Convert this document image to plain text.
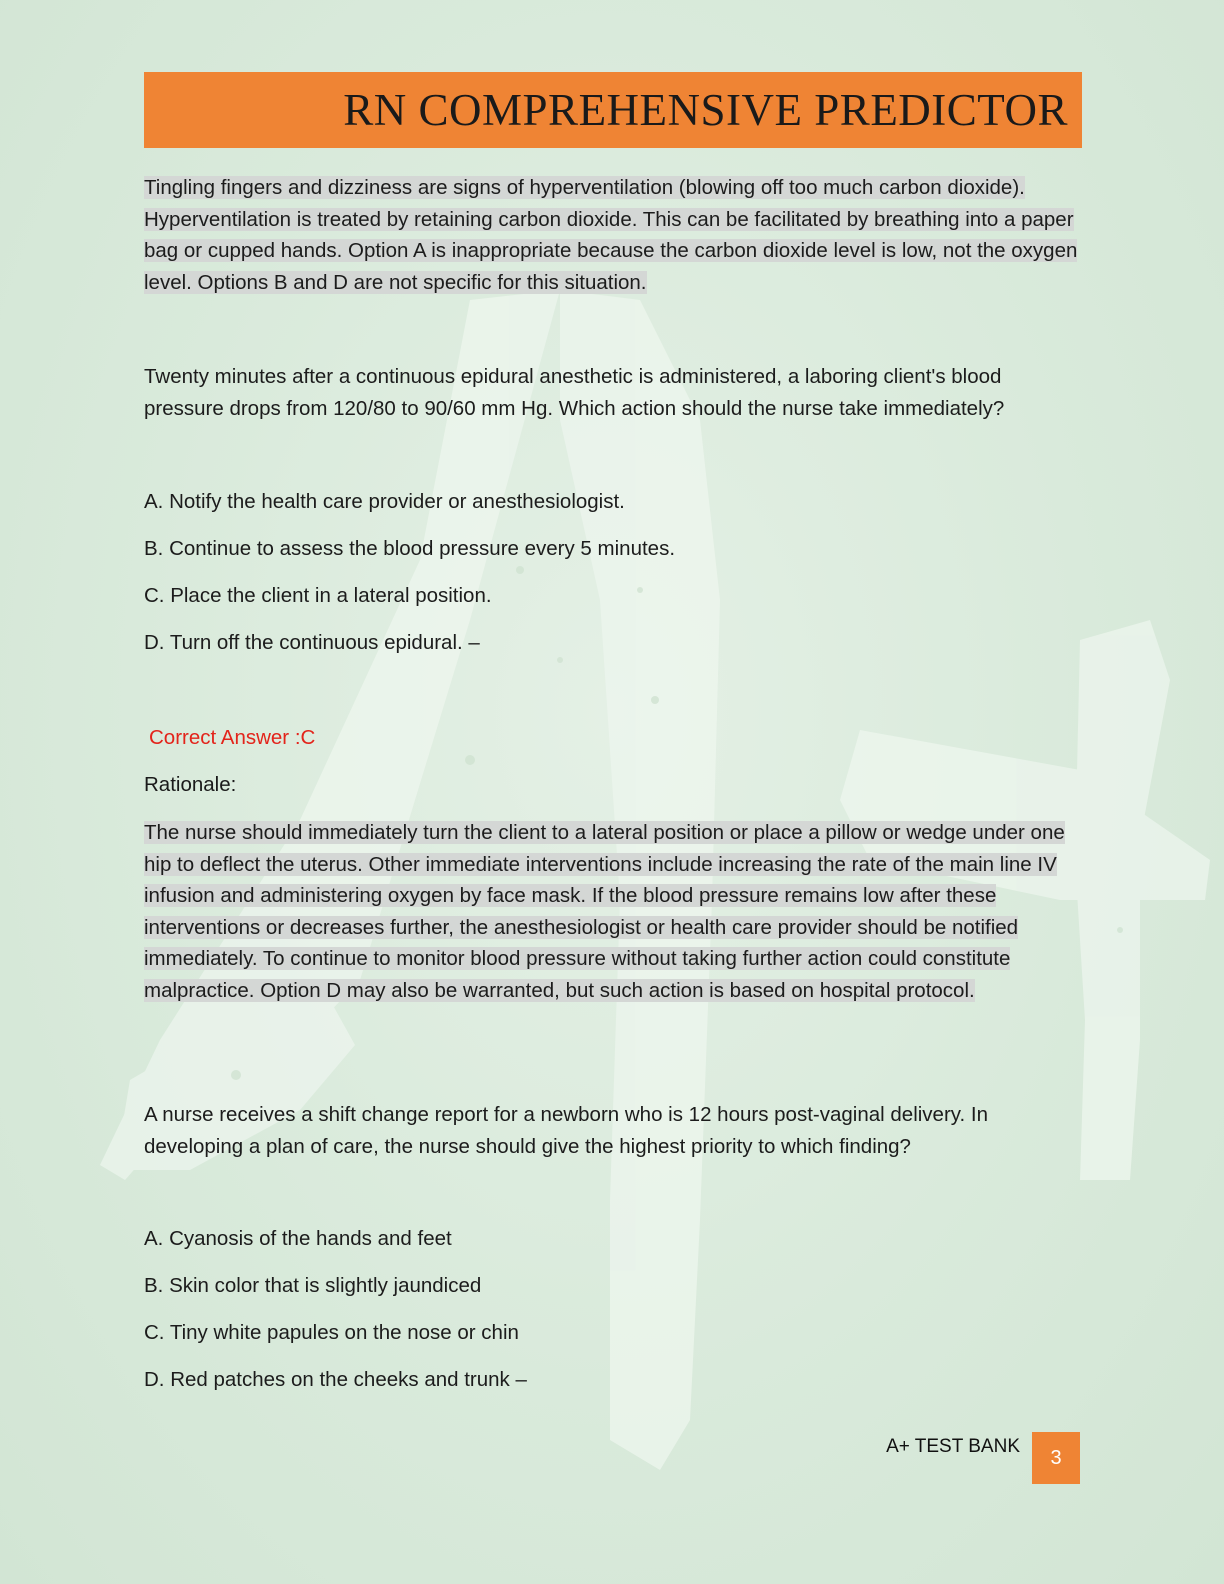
RN COMPREHENSIVE PREDICTOR
Tingling fingers and dizziness are signs of hyperventilation (blowing off too much carbon dioxide). Hyperventilation is treated by retaining carbon dioxide. This can be facilitated by breathing into a paper bag or cupped hands. Option A is inappropriate because the carbon dioxide level is low, not the oxygen level. Options B and D are not specific for this situation.
Twenty minutes after a continuous epidural anesthetic is administered, a laboring client's blood pressure drops from 120/80 to 90/60 mm Hg. Which action should the nurse take immediately?
A. Notify the health care provider or anesthesiologist.
B. Continue to assess the blood pressure every 5 minutes.
C. Place the client in a lateral position.
D. Turn off the continuous epidural. –
Correct Answer :C
Rationale:
The nurse should immediately turn the client to a lateral position or place a pillow or wedge under one hip to deflect the uterus. Other immediate interventions include increasing the rate of the main line IV infusion and administering oxygen by face mask. If the blood pressure remains low after these interventions or decreases further, the anesthesiologist or health care provider should be notified immediately. To continue to monitor blood pressure without taking further action could constitute malpractice. Option D may also be warranted, but such action is based on hospital protocol.
A nurse receives a shift change report for a newborn who is 12 hours post-vaginal delivery. In developing a plan of care, the nurse should give the highest priority to which finding?
A. Cyanosis of the hands and feet
B. Skin color that is slightly jaundiced
C. Tiny white papules on the nose or chin
D. Red patches on the cheeks and trunk –
A+ TEST BANK
3
